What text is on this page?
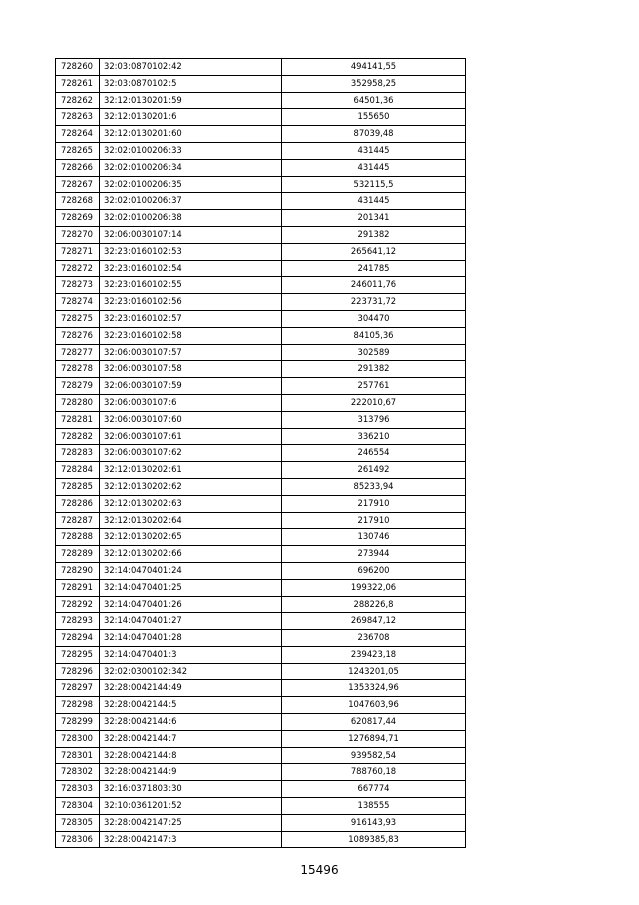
728260	32:03:0870102:42	494141,55
728261	32:03:0870102:5	352958,25
728262	32:12:0130201:59	64501,36
728263	32:12:0130201:6	155650
728264	32:12:0130201:60	87039,48
728265	32:02:0100206:33	431445
728266	32:02:0100206:34	431445
728267	32:02:0100206:35	532115,5
728268	32:02:0100206:37	431445
728269	32:02:0100206:38	201341
728270	32:06:0030107:14	291382
728271	32:23:0160102:53	265641,12
728272	32:23:0160102:54	241785
728273	32:23:0160102:55	246011,76
728274	32:23:0160102:56	223731,72
728275	32:23:0160102:57	304470
728276	32:23:0160102:58	84105,36
728277	32:06:0030107:57	302589
728278	32:06:0030107:58	291382
728279	32:06:0030107:59	257761
728280	32:06:0030107:6	222010,67
728281	32:06:0030107:60	313796
728282	32:06:0030107:61	336210
728283	32:06:0030107:62	246554
728284	32:12:0130202:61	261492
728285	32:12:0130202:62	85233,94
728286	32:12:0130202:63	217910
728287	32:12:0130202:64	217910
728288	32:12:0130202:65	130746
728289	32:12:0130202:66	273944
728290	32:14:0470401:24	696200
728291	32:14:0470401:25	199322,06
728292	32:14:0470401:26	288226,8
728293	32:14:0470401:27	269847,12
728294	32:14:0470401:28	236708
728295	32:14:0470401:3	239423,18
728296	32:02:0300102:342	1243201,05
728297	32:28:0042144:49	1353324,96
728298	32:28:0042144:5	1047603,96
728299	32:28:0042144:6	620817,44
728300	32:28:0042144:7	1276894,71
728301	32:28:0042144:8	939582,54
728302	32:28:0042144:9	788760,18
728303	32:16:0371803:30	667774
728304	32:10:0361201:52	138555
728305	32:28:0042147:25	916143,93
728306	32:28:0042147:3	1089385,83
15496
